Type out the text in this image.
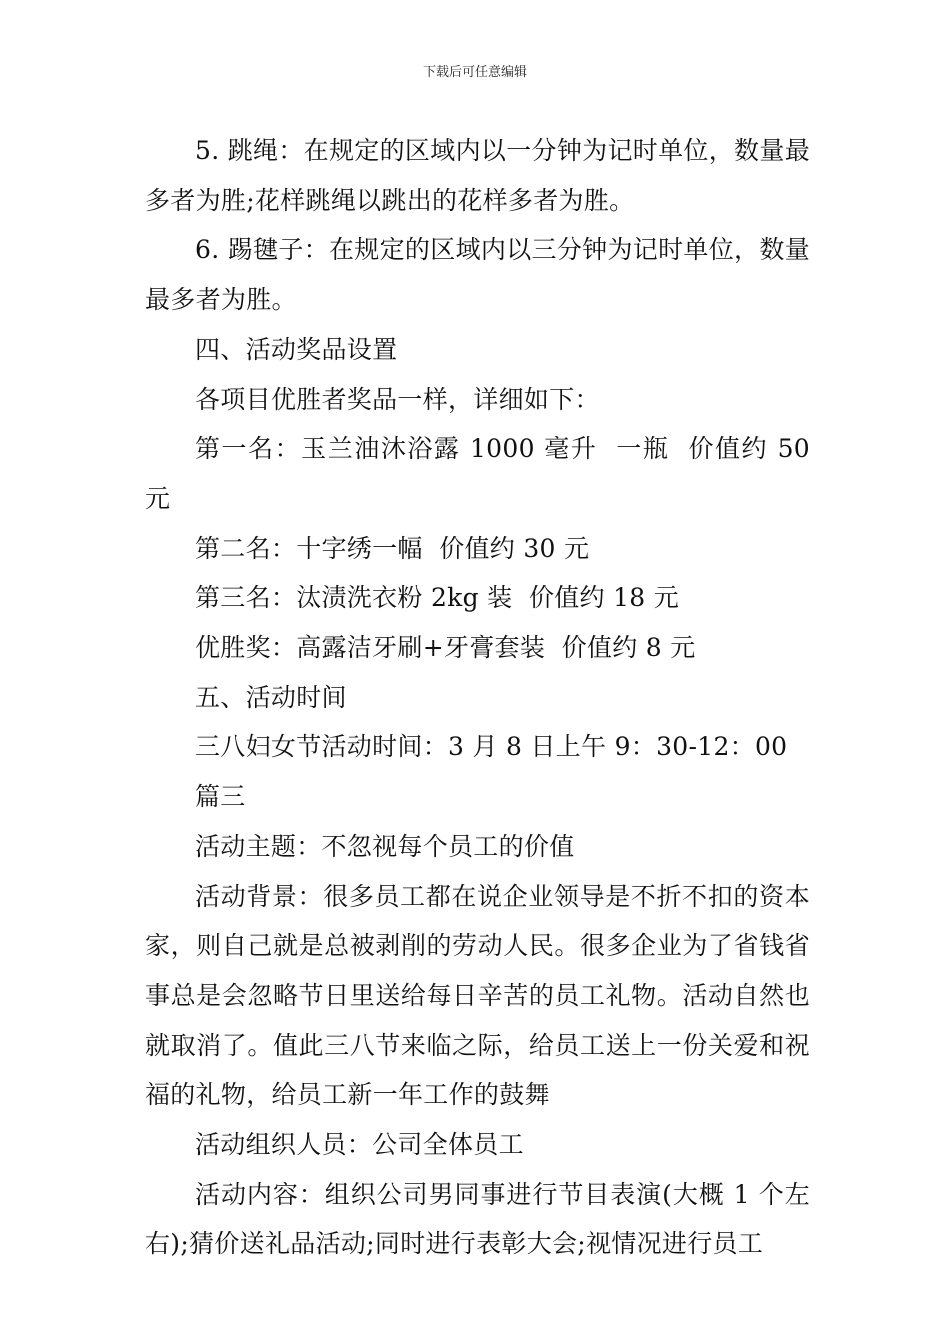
下载后可任意编辑

5. 跳绳：在规定的区域内以一分钟为记时单位，数量最多者为胜;花样跳绳以跳出的花样多者为胜。

6. 踢毽子：在规定的区域内以三分钟为记时单位，数量最多者为胜。

四、活动奖品设置

各项目优胜者奖品一样，详细如下：

第一名：玉兰油沐浴露 1000 毫升  一瓶  价值约 50 元

第二名：十字绣一幅  价值约 30 元

第三名：汰渍洗衣粉 2kg 装  价值约 18 元

优胜奖：高露洁牙刷+牙膏套装  价值约 8 元

五、活动时间

三八妇女节活动时间：3 月 8 日上午 9：30-12：00

篇三

活动主题：不忽视每个员工的价值

活动背景：很多员工都在说企业领导是不折不扣的资本家，则自己就是总被剥削的劳动人民。很多企业为了省钱省事总是会忽略节日里送给每日辛苦的员工礼物。活动自然也就取消了。值此三八节来临之际，给员工送上一份关爱和祝福的礼物，给员工新一年工作的鼓舞

活动组织人员：公司全体员工

活动内容：组织公司男同事进行节目表演(大概 1 个左右);猜价送礼品活动;同时进行表彰大会;视情况进行员工
